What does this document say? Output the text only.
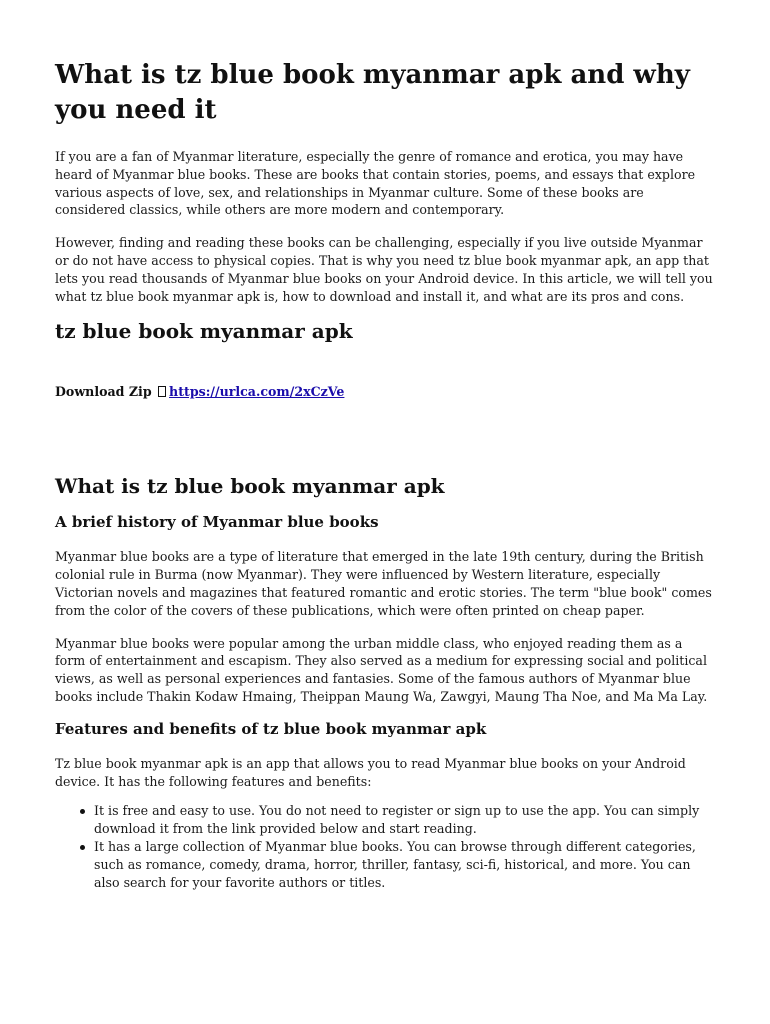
What is tz blue book myanmar apk and why you need it

If you are a fan of Myanmar literature, especially the genre of romance and erotica, you may have heard of Myanmar blue books. These are books that contain stories, poems, and essays that explore various aspects of love, sex, and relationships in Myanmar culture. Some of these books are considered classics, while others are more modern and contemporary.

However, finding and reading these books can be challenging, especially if you live outside Myanmar or do not have access to physical copies. That is why you need tz blue book myanmar apk, an app that lets you read thousands of Myanmar blue books on your Android device. In this article, we will tell you what tz blue book myanmar apk is, how to download and install it, and what are its pros and cons.

tz blue book myanmar apk
Download Zip https://urlca.com/2xCzVe
What is tz blue book myanmar apk
A brief history of Myanmar blue books

Myanmar blue books are a type of literature that emerged in the late 19th century, during the British colonial rule in Burma (now Myanmar). They were influenced by Western literature, especially Victorian novels and magazines that featured romantic and erotic stories. The term "blue book" comes from the color of the covers of these publications, which were often printed on cheap paper.

Myanmar blue books were popular among the urban middle class, who enjoyed reading them as a form of entertainment and escapism. They also served as a medium for expressing social and political views, as well as personal experiences and fantasies. Some of the famous authors of Myanmar blue books include Thakin Kodaw Hmaing, Theippan Maung Wa, Zawgyi, Maung Tha Noe, and Ma Ma Lay.

Features and benefits of tz blue book myanmar apk

Tz blue book myanmar apk is an app that allows you to read Myanmar blue books on your Android device. It has the following features and benefits:

It is free and easy to use. You do not need to register or sign up to use the app. You can simply download it from the link provided below and start reading.
It has a large collection of Myanmar blue books. You can browse through different categories, such as romance, comedy, drama, horror, thriller, fantasy, sci-fi, historical, and more. You can also search for your favorite authors or titles.
